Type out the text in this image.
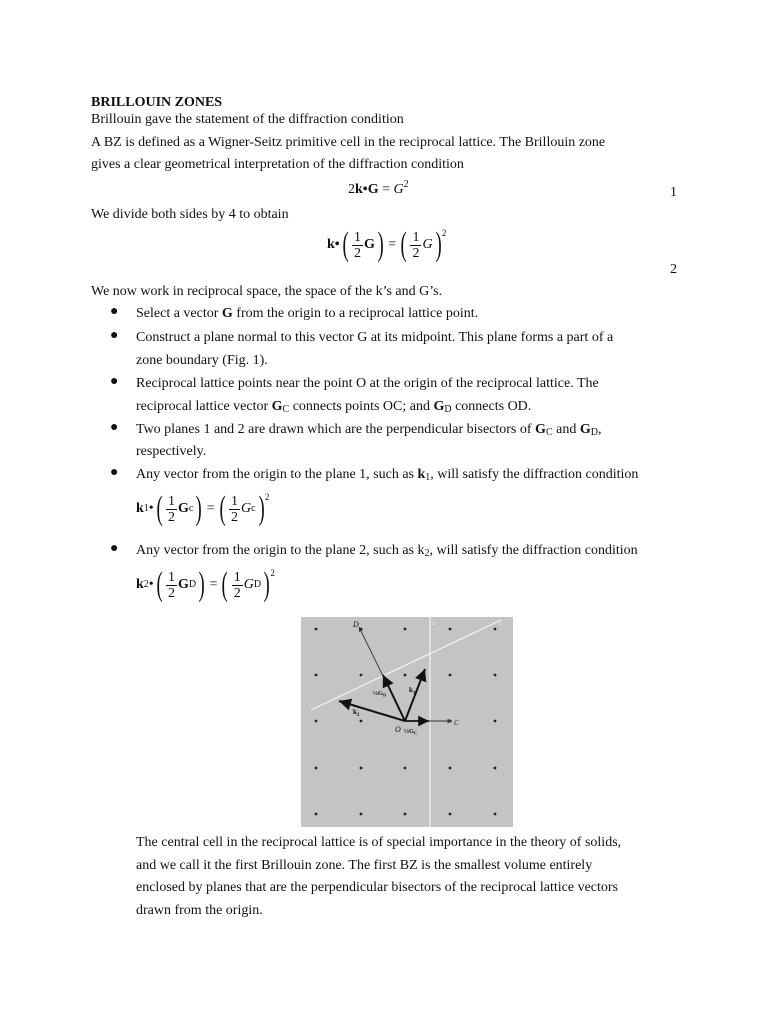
BRILLOUIN ZONES
Brillouin gave the statement of the diffraction condition
A BZ is defined as a Wigner-Seitz primitive cell in the reciprocal lattice. The Brillouin zone
gives a clear geometrical interpretation of the diffraction condition
2k•G = $G^2$
1
We divide both sides by 4 to obtain
k• ( $\frac{1}{2}$ G ) = ( $\frac{1}{2}$ G ) 2
2
We now work in reciprocal space, the space of the k’s and G’s.
● Select a vector G from the origin to a reciprocal lattice point.
● Construct a plane normal to this vector G at its midpoint. This plane forms a part of a
zone boundary (Fig. 1).
● Reciprocal lattice points near the point O at the origin of the reciprocal lattice. The
reciprocal lattice vector $G_C$ connects points OC; and $G_D$ connects OD.
● Two planes 1 and 2 are drawn which are the perpendicular bisectors of $G_C$ and $G_D$,
respectively.
● Any vector from the origin to the plane 1, such as $k_1$, will satisfy the diffraction condition
k 1 • ( $\frac{1}{2}$ G c ) = ( $\frac{1}{2}$ G c ) 2
● Any vector from the origin to the plane 2, such as $k_2$, will satisfy the diffraction condition
k 2 • ( $\frac{1}{2}$ G D ) = ( $\frac{1}{2}$ G D ) 2
D
C
O
$k_1$
$k_2$
$\frac{1}{2}G_D$
$\frac{1}{2}G_C$
2	1
The central cell in the reciprocal lattice is of special importance in the theory of solids,
and we call it the first Brillouin zone. The first BZ is the smallest volume entirely
enclosed by planes that are the perpendicular bisectors of the reciprocal lattice vectors
drawn from the origin.
